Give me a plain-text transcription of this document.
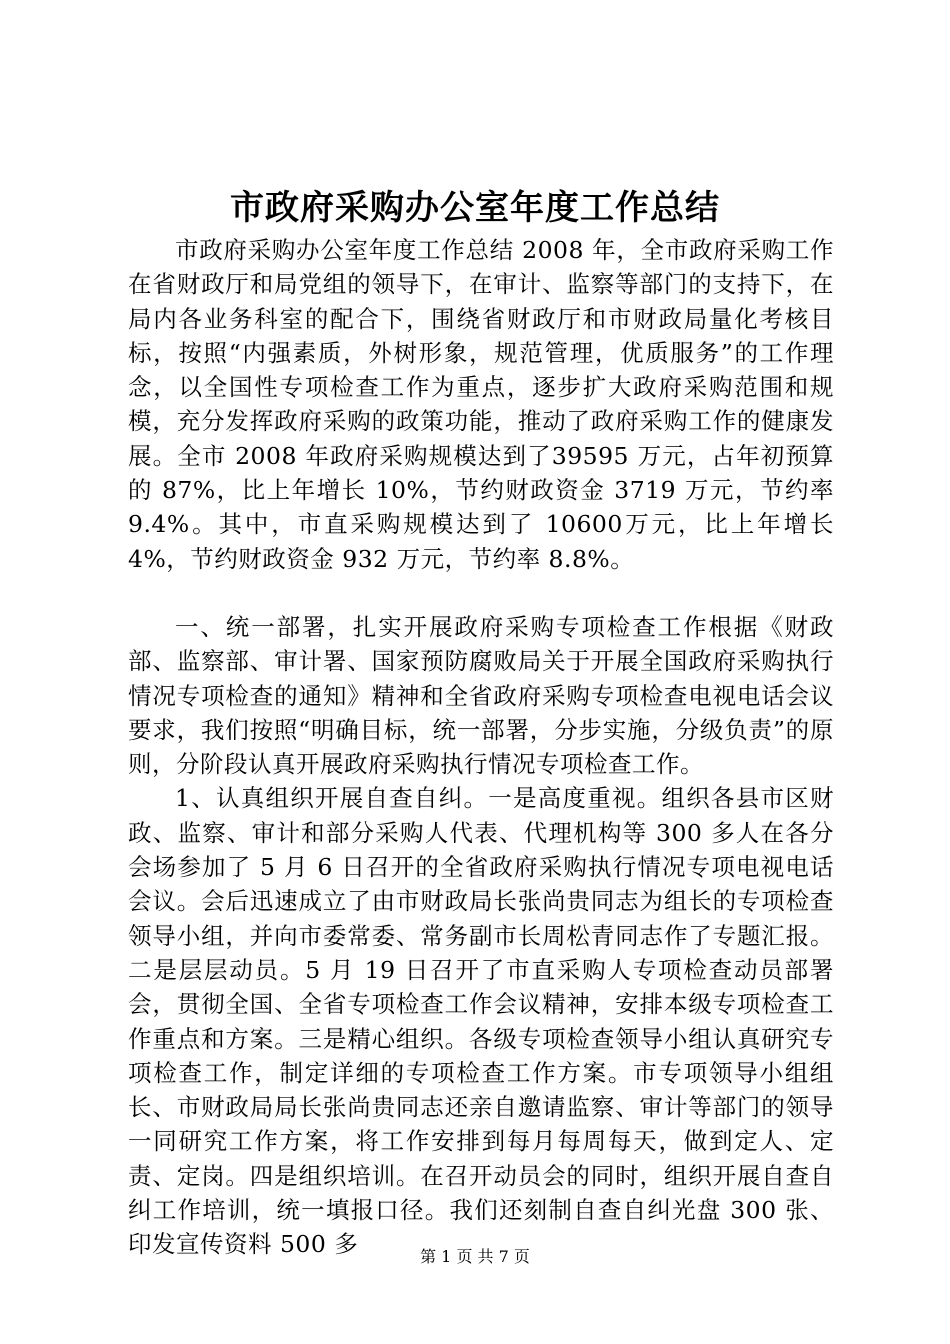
市政府采购办公室年度工作总结

市政府采购办公室年度工作总结 2008 年，全市政府采购工作在省财政厅和局党组的领导下，在审计、监察等部门的支持下，在局内各业务科室的配合下，围绕省财政厅和市财政局量化考核目标，按照“内强素质，外树形象，规范管理，优质服务”的工作理念，以全国性专项检查工作为重点，逐步扩大政府采购范围和规模，充分发挥政府采购的政策功能，推动了政府采购工作的健康发展。全市 2008 年政府采购规模达到了39595 万元，占年初预算的 87%，比上年增长 10%，节约财政资金 3719 万元，节约率 9.4%。其中，市直采购规模达到了 10600万元，比上年增长 4%，节约财政资金 932 万元，节约率 8.8%。

一、统一部署，扎实开展政府采购专项检查工作根据《财政部、监察部、审计署、国家预防腐败局关于开展全国政府采购执行情况专项检查的通知》精神和全省政府采购专项检查电视电话会议要求，我们按照“明确目标，统一部署，分步实施，分级负责”的原则，分阶段认真开展政府采购执行情况专项检查工作。

1、认真组织开展自查自纠。一是高度重视。组织各县市区财政、监察、审计和部分采购人代表、代理机构等 300 多人在各分会场参加了 5 月 6 日召开的全省政府采购执行情况专项电视电话会议。会后迅速成立了由市财政局长张尚贵同志为组长的专项检查领导小组，并向市委常委、常务副市长周松青同志作了专题汇报。二是层层动员。5 月 19 日召开了市直采购人专项检查动员部署会，贯彻全国、全省专项检查工作会议精神，安排本级专项检查工作重点和方案。三是精心组织。各级专项检查领导小组认真研究专项检查工作，制定详细的专项检查工作方案。市专项领导小组组长、市财政局局长张尚贵同志还亲自邀请监察、审计等部门的领导一同研究工作方案，将工作安排到每月每周每天，做到定人、定责、定岗。四是组织培训。在召开动员会的同时，组织开展自查自纠工作培训，统一填报口径。我们还刻制自查自纠光盘 300 张、印发宣传资料 500 多	第 1 页 共 7 页
